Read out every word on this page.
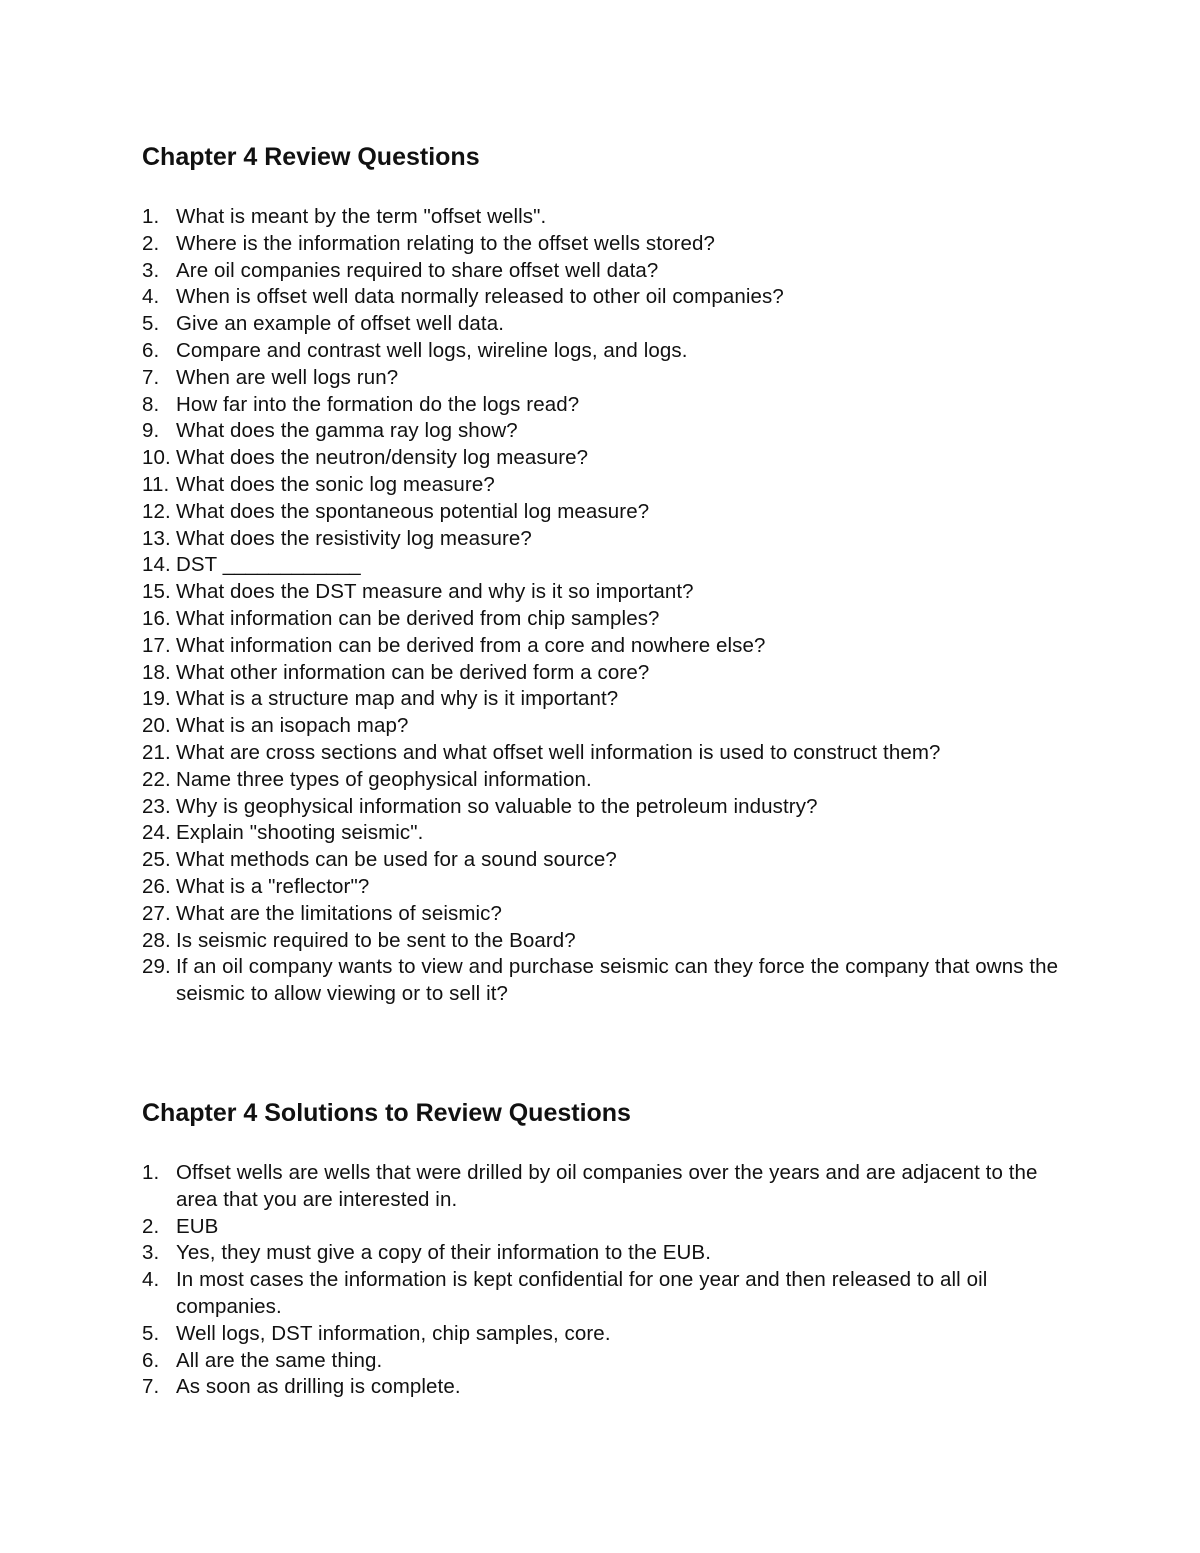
Chapter 4 Review Questions
1. What is meant by the term "offset wells".
2. Where is the information relating to the offset wells stored?
3. Are oil companies required to share offset well data?
4. When is offset well data normally released to other oil companies?
5. Give an example of offset well data.
6. Compare and contrast well logs, wireline logs, and logs.
7. When are well logs run?
8. How far into the formation do the logs read?
9. What does the gamma ray log show?
10. What does the neutron/density log measure?
11. What does the sonic log measure?
12. What does the spontaneous potential log measure?
13. What does the resistivity log measure?
14. DST ____________
15. What does the DST measure and why is it so important?
16. What information can be derived from chip samples?
17. What information can be derived from a core and nowhere else?
18. What other information can be derived form a core?
19. What is a structure map and why is it important?
20. What is an isopach map?
21. What are cross sections and what offset well information is used to construct them?
22. Name three types of geophysical information.
23. Why is geophysical information so valuable to the petroleum industry?
24. Explain "shooting seismic".
25. What methods can be used for a sound source?
26. What is a "reflector"?
27. What are the limitations of seismic?
28. Is seismic required to be sent to the Board?
29. If an oil company wants to view and purchase seismic can they force the company that owns the seismic to allow viewing or to sell it?
Chapter 4 Solutions to Review Questions
1. Offset wells are wells that were drilled by oil companies over the years and are adjacent to the area that you are interested in.
2. EUB
3. Yes, they must give a copy of their information to the EUB.
4. In most cases the information is kept confidential for one year and then released to all oil companies.
5. Well logs, DST information, chip samples, core.
6. All are the same thing.
7. As soon as drilling is complete.
